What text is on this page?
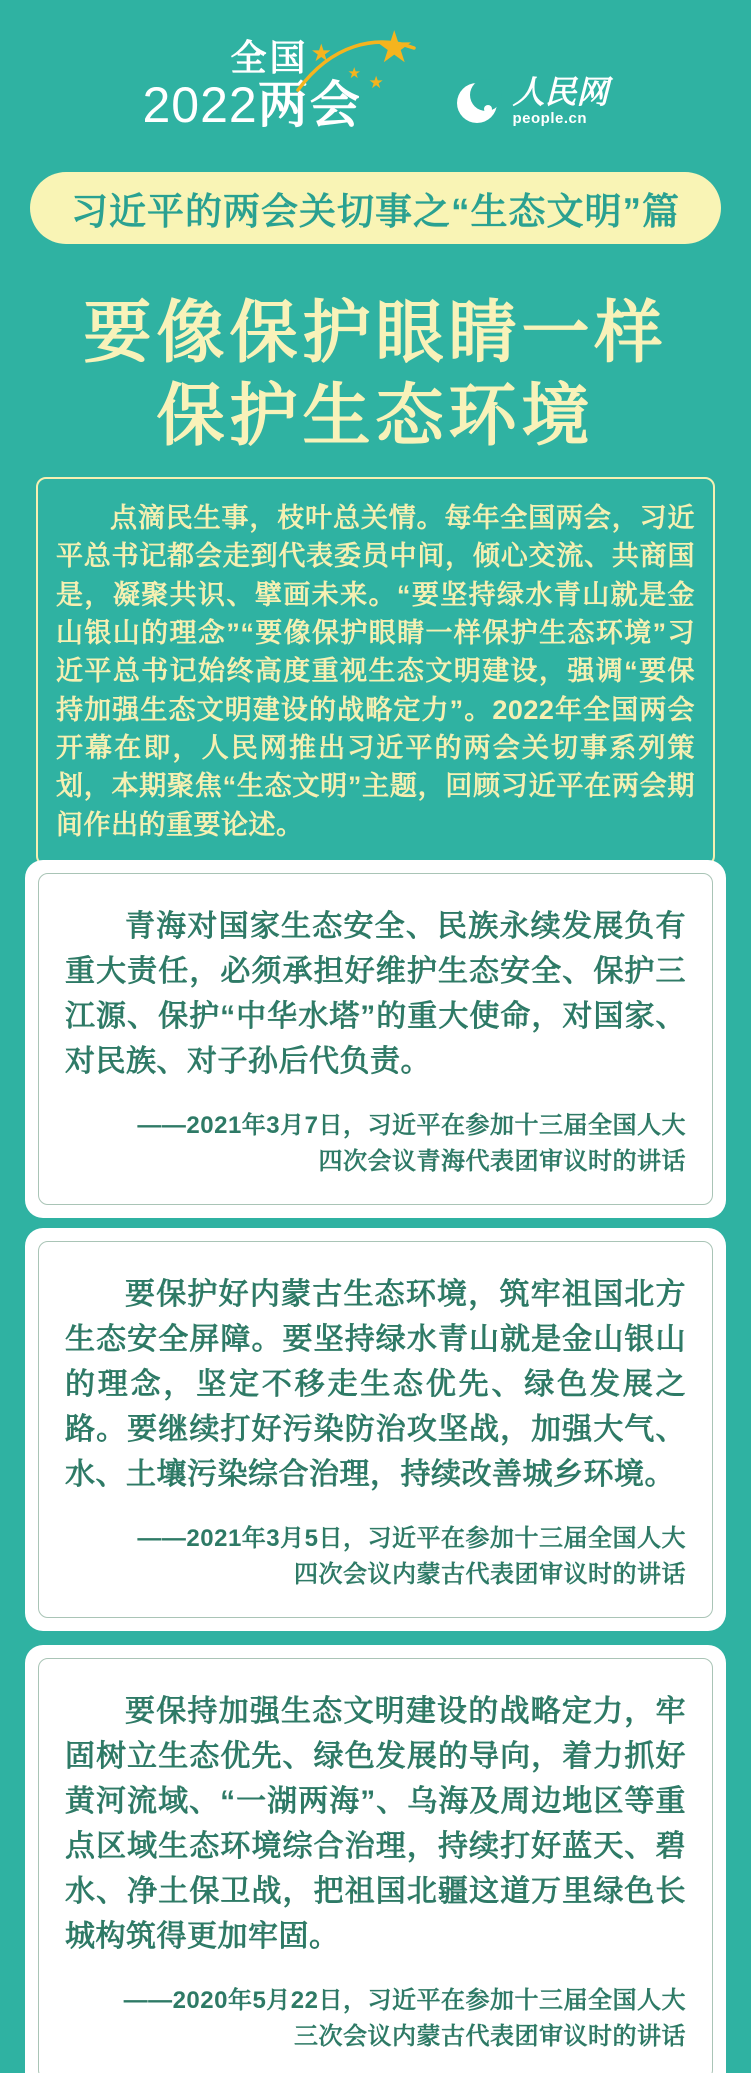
全国
2022两会
★
★
★
★	人民网
people.cn
习近平的两会关切事之“生态文明”篇
要像保护眼睛一样
保护生态环境
点滴民生事，枝叶总关情。每年全国两会，习近平总书记都会走到代表委员中间，倾心交流、共商国是，凝聚共识、擘画未来。“要坚持绿水青山就是金山银山的理念”“要像保护眼睛一样保护生态环境”习近平总书记始终高度重视生态文明建设，强调“要保持加强生态文明建设的战略定力”。2022年全国两会开幕在即，人民网推出习近平的两会关切事系列策划，本期聚焦“生态文明”主题，回顾习近平在两会期间作出的重要论述。
青海对国家生态安全、民族永续发展负有重大责任，必须承担好维护生态安全、保护三江源、保护“中华水塔”的重大使命，对国家、对民族、对子孙后代负责。
——2021年3月7日，习近平在参加十三届全国人大
四次会议青海代表团审议时的讲话
要保护好内蒙古生态环境，筑牢祖国北方生态安全屏障。要坚持绿水青山就是金山银山的理念，坚定不移走生态优先、绿色发展之路。要继续打好污染防治攻坚战，加强大气、水、土壤污染综合治理，持续改善城乡环境。
——2021年3月5日，习近平在参加十三届全国人大
四次会议内蒙古代表团审议时的讲话
要保持加强生态文明建设的战略定力，牢固树立生态优先、绿色发展的导向，着力抓好黄河流域、“一湖两海”、乌海及周边地区等重点区域生态环境综合治理，持续打好蓝天、碧水、净土保卫战，把祖国北疆这道万里绿色长城构筑得更加牢固。
——2020年5月22日，习近平在参加十三届全国人大
三次会议内蒙古代表团审议时的讲话
